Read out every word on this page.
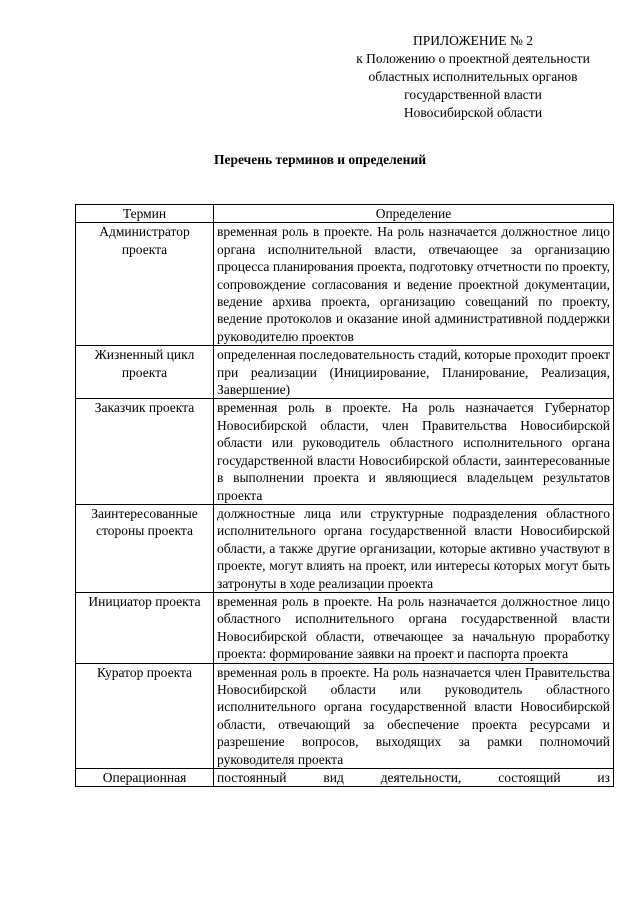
ПРИЛОЖЕНИЕ № 2
к Положению о проектной деятельности
областных исполнительных органов
государственной власти
Новосибирской области
Перечень терминов и определений
Термин	Определение
Администратор проекта	временная роль в проекте. На роль назначается должностное лицо органа исполнительной власти, отвечающее за организацию процесса планирования проекта, подготовку отчетности по проекту, сопровождение согласования и ведение проектной документации, ведение архива проекта, организацию совещаний по проекту, ведение протоколов и оказание иной административной поддержки руководителю проектов
Жизненный цикл проекта	определенная последовательность стадий, которые проходит проект при реализации (Инициирование, Планирование, Реализация, Завершение)
Заказчик проекта	временная роль в проекте. На роль назначается Губернатор Новосибирской области, член Правительства Новосибирской области или руководитель областного исполнительного органа государственной власти Новосибирской области, заинтересованные в выполнении проекта и являющиеся владельцем результатов проекта
Заинтересованные стороны проекта	должностные лица или структурные подразделения областного исполнительного органа государственной власти Новосибирской области, а также другие организации, которые активно участвуют в проекте, могут влиять на проект, или интересы которых могут быть затронуты в ходе реализации проекта
Инициатор проекта	временная роль в проекте. На роль назначается должностное лицо областного исполнительного органа государственной власти Новосибирской области, отвечающее за начальную проработку проекта: формирование заявки на проект и паспорта проекта
Куратор проекта	временная роль в проекте. На роль назначается член Правительства Новосибирской области или руководитель областного исполнительного органа государственной власти Новосибирской области, отвечающий за обеспечение проекта ресурсами и разрешение вопросов, выходящих за рамки полномочий руководителя проекта
Операционная	постоянный вид деятельности, состоящий из
